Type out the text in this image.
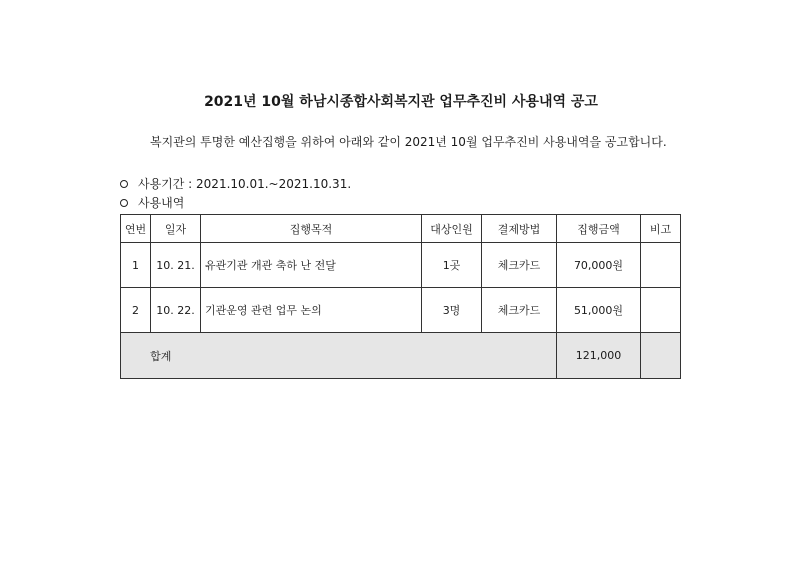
2021년 10월 하남시종합사회복지관 업무추진비 사용내역 공고
복지관의 투명한 예산집행을 위하여 아래와 같이 2021년 10월 업무추진비 사용내역을 공고합니다.
사용기간 : 2021.10.01.~2021.10.31.
사용내역
연번	일자	집행목적	대상인원	결제방법	집행금액	비고
1	10. 21.	유관기관 개관 축하 난 전달	1곳	체크카드	70,000원	
2	10. 22.	기관운영 관련 업무 논의	3명	체크카드	51,000원	
합계					121,000	
